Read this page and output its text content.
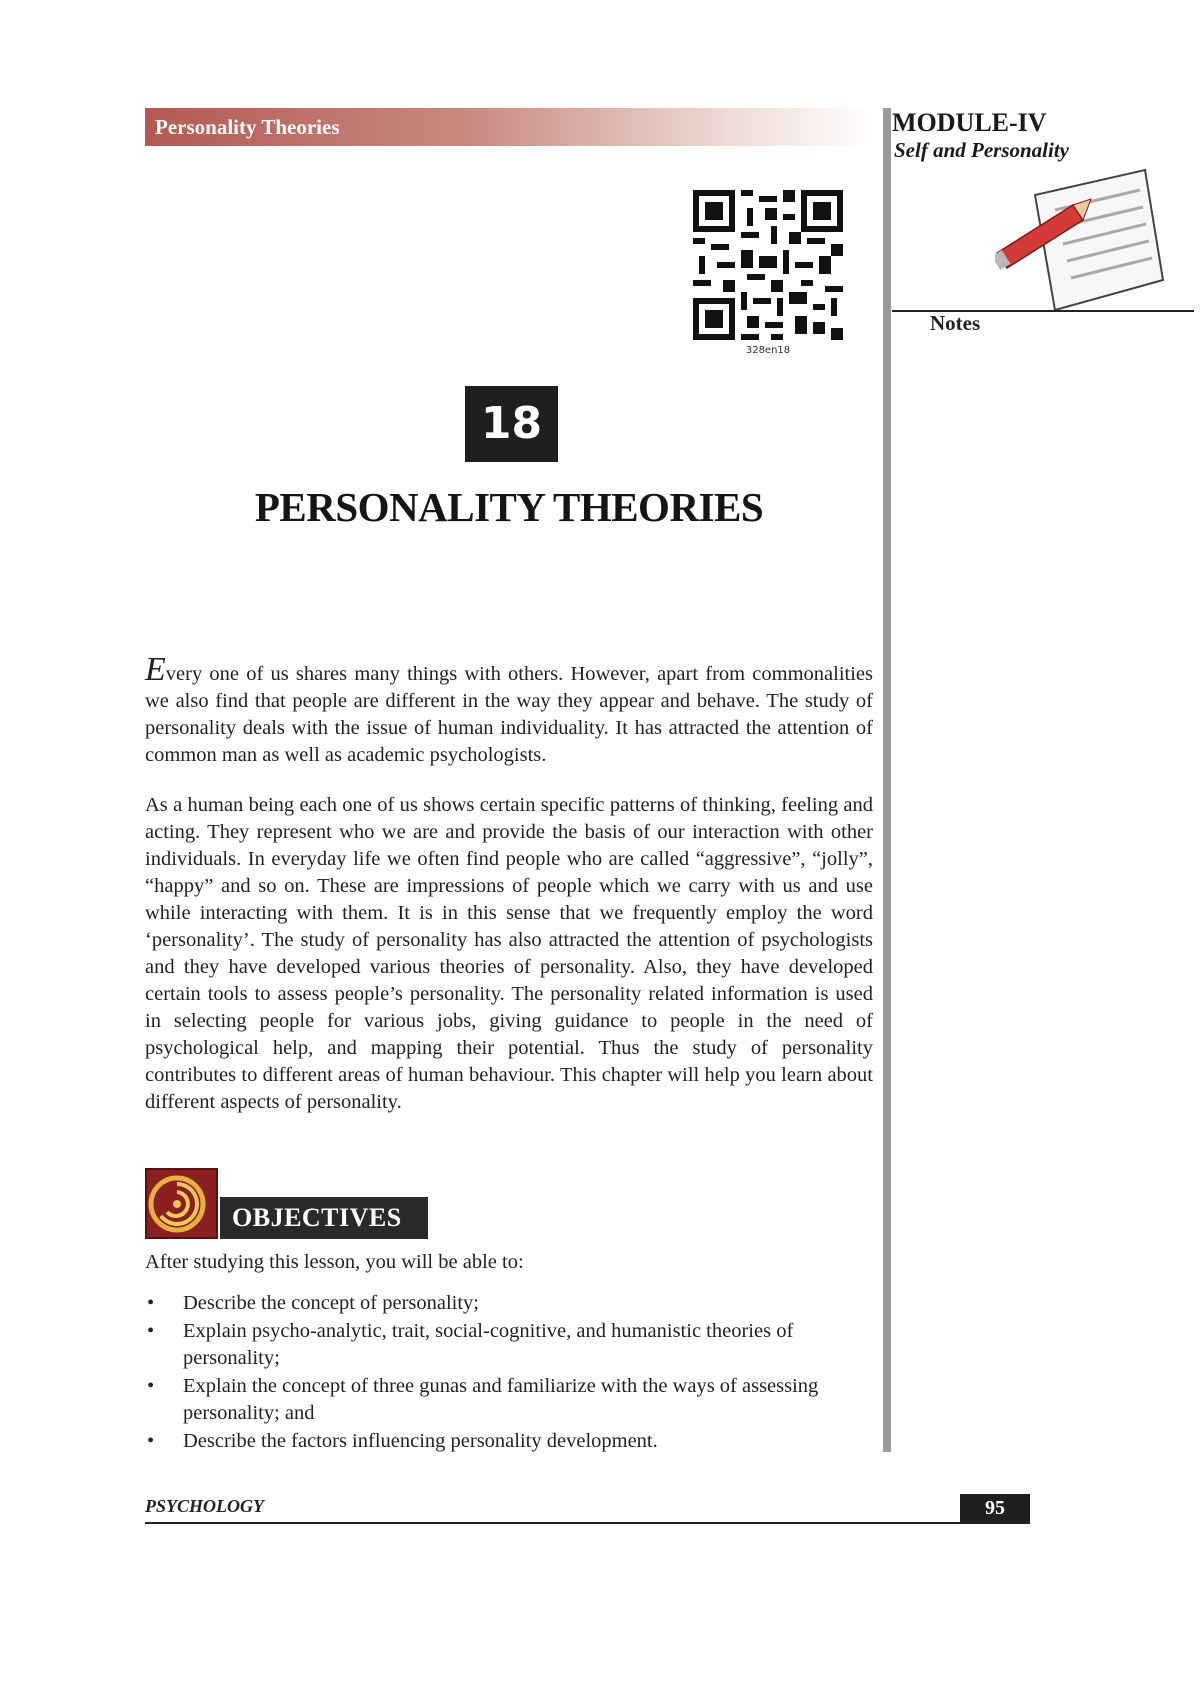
Personality Theories	MODULE-IV
Self and Personality
Notes
328en18
18
PERSONALITY THEORIES

Every one of us shares many things with others. However, apart from commonalities we also find that people are different in the way they appear and behave. The study of personality deals with the issue of human individuality. It has attracted the attention of common man as well as academic psychologists.

As a human being each one of us shows certain specific patterns of thinking, feeling and acting. They represent who we are and provide the basis of our interaction with other individuals. In everyday life we often find people who are called “aggressive”, “jolly”, “happy” and so on. These are impressions of people which we carry with us and use while interacting with them. It is in this sense that we frequently employ the word ‘personality’. The study of personality has also attracted the attention of psychologists and they have developed various theories of personality. Also, they have developed certain tools to assess people’s personality. The personality related information is used in selecting people for various jobs, giving guidance to people in the need of psychological help, and mapping their potential. Thus the study of personality contributes to different areas of human behaviour. This chapter will help you learn about different aspects of personality.

OBJECTIVES
After studying this lesson, you will be able to:
• Describe the concept of personality;
• Explain psycho-analytic, trait, social-cognitive, and humanistic theories of personality;
• Explain the concept of three gunas and familiarize with the ways of assessing personality; and
• Describe the factors influencing personality development.
PSYCHOLOGY	95
